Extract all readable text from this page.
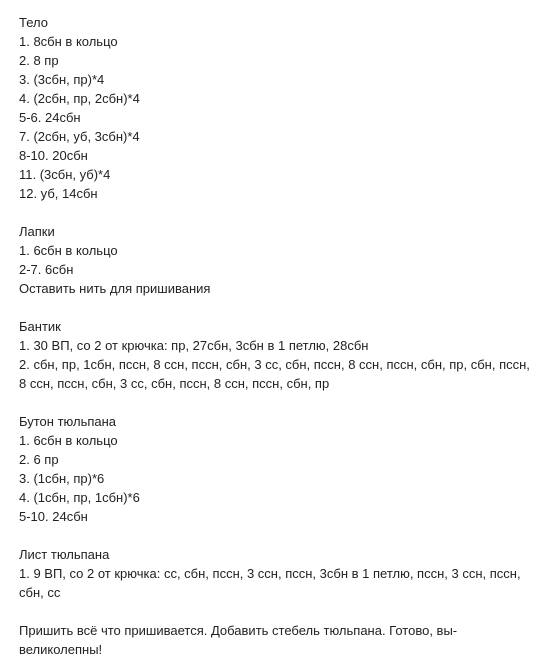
Тело
1. 8сбн в кольцо
2. 8 пр
3. (3сбн, пр)*4
4. (2сбн, пр, 2сбн)*4
5-6. 24сбн
7. (2сбн, уб, 3сбн)*4
8-10. 20сбн
11. (3сбн, уб)*4
12. уб, 14сбн
Лапки
1. 6сбн в кольцо
2-7. 6сбн
Оставить нить для пришивания
Бантик
1. 30 ВП, со 2 от крючка: пр, 27сбн, 3сбн в 1 петлю, 28сбн
2. сбн, пр, 1сбн, пссн, 8 ссн, пссн, сбн, 3 сс, сбн, пссн, 8 ссн, пссн, сбн, пр, сбн, пссн, 8 ссн, пссн, сбн, 3 сс, сбн, пссн, 8 ссн, пссн, сбн, пр
Бутон тюльпана
1. 6сбн в кольцо
2. 6 пр
3. (1сбн, пр)*6
4. (1сбн, пр, 1сбн)*6
5-10. 24сбн
Лист тюльпана
1. 9 ВП, со 2 от крючка: сс, сбн, пссн, 3 ссн, пссн, 3сбн в 1 петлю, пссн, 3 ссн, пссн, сбн, сс
Пришить всё что пришивается. Добавить стебель тюльпана. Готово, вы- великолепны!
